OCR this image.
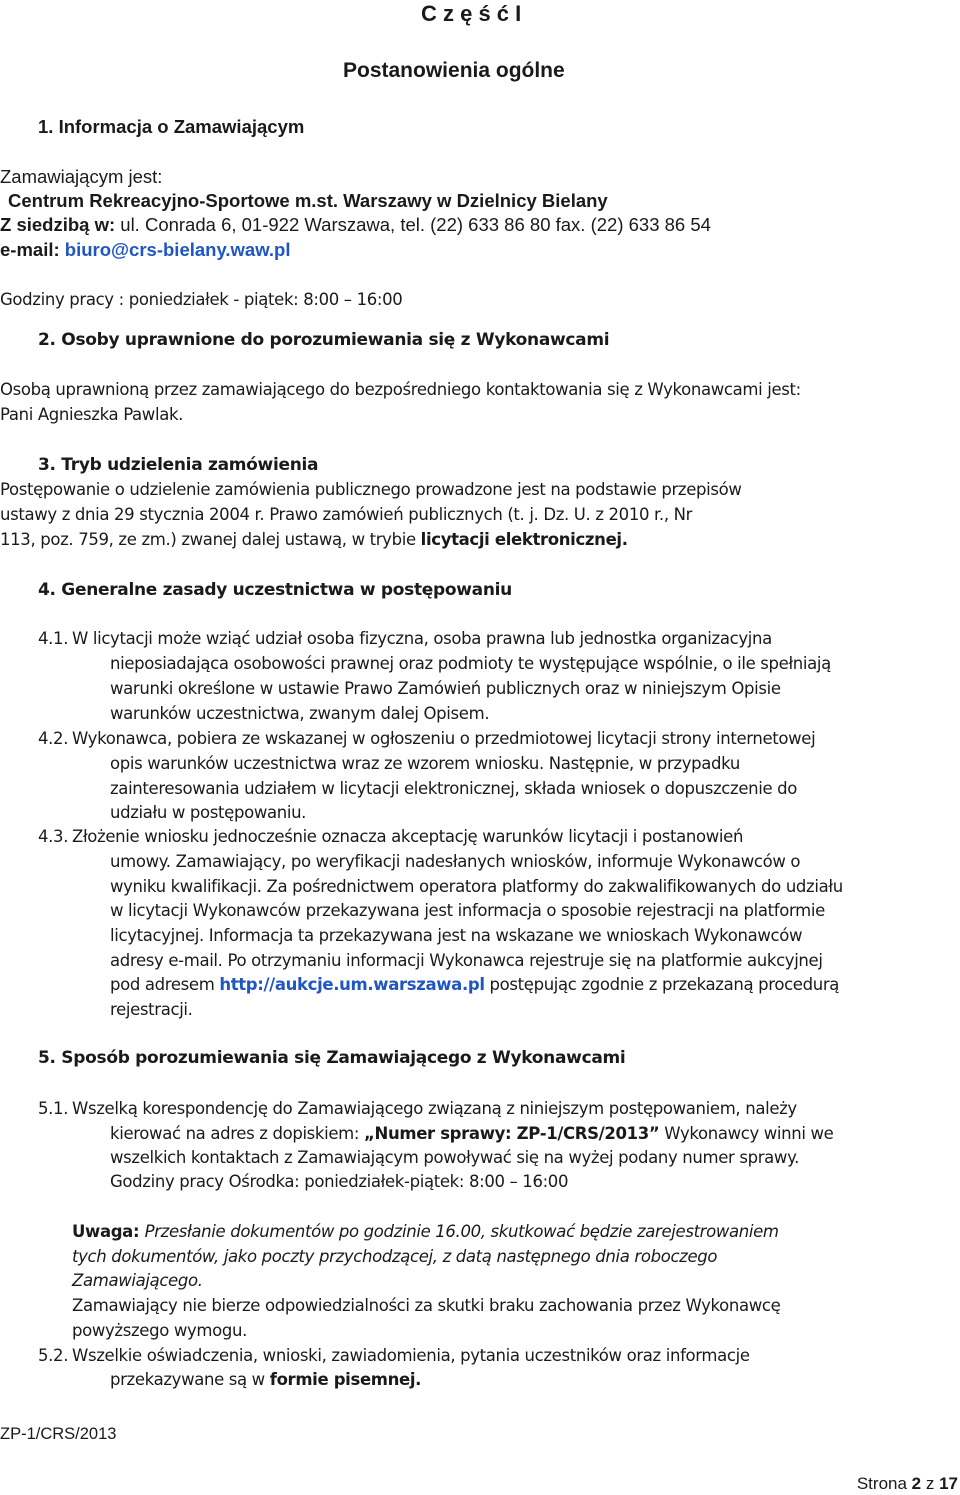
C z ę ś ć I
Postanowienia ogólne
1. Informacja o Zamawiającym
Zamawiającym jest:
Centrum Rekreacyjno-Sportowe m.st. Warszawy w Dzielnicy Bielany
Z siedzibą w: ul. Conrada 6, 01-922 Warszawa, tel. (22) 633 86 80 fax. (22) 633 86 54
e-mail: biuro@crs-bielany.waw.pl
Godziny pracy : poniedziałek - piątek: 8:00 – 16:00
2. Osoby uprawnione do porozumiewania się z Wykonawcami
Osobą uprawnioną przez zamawiającego do bezpośredniego kontaktowania się z Wykonawcami jest:
Pani Agnieszka Pawlak.
3. Tryb udzielenia zamówienia
Postępowanie o udzielenie zamówienia publicznego prowadzone jest na podstawie przepisów
ustawy z dnia 29 stycznia 2004 r. Prawo zamówień publicznych (t. j. Dz. U. z 2010 r., Nr
113, poz. 759, ze zm.) zwanej dalej ustawą, w trybie licytacji elektronicznej.
4. Generalne zasady uczestnictwa w postępowaniu
4.1. W licytacji może wziąć udział osoba fizyczna, osoba prawna lub jednostka organizacyjna
nieposiadająca osobowości prawnej oraz podmioty te występujące wspólnie, o ile spełniają
warunki określone w ustawie Prawo Zamówień publicznych oraz w niniejszym Opisie
warunków uczestnictwa, zwanym dalej Opisem.
4.2. Wykonawca, pobiera ze wskazanej w ogłoszeniu o przedmiotowej licytacji strony internetowej
opis warunków uczestnictwa wraz ze wzorem wniosku. Następnie, w przypadku
zainteresowania udziałem w licytacji elektronicznej, składa wniosek o dopuszczenie do
udziału w postępowaniu.
4.3. Złożenie wniosku jednocześnie oznacza akceptację warunków licytacji i postanowień
umowy. Zamawiający, po weryfikacji nadesłanych wniosków, informuje Wykonawców o
wyniku kwalifikacji. Za pośrednictwem operatora platformy do zakwalifikowanych do udziału
w licytacji Wykonawców przekazywana jest informacja o sposobie rejestracji na platformie
licytacyjnej. Informacja ta przekazywana jest na wskazane we wnioskach Wykonawców
adresy e-mail. Po otrzymaniu informacji Wykonawca rejestruje się na platformie aukcyjnej
pod adresem http://aukcje.um.warszawa.pl postępując zgodnie z przekazaną procedurą
rejestracji.
5. Sposób porozumiewania się Zamawiającego z Wykonawcami
5.1. Wszelką korespondencję do Zamawiającego związaną z niniejszym postępowaniem, należy
kierować na adres z dopiskiem: „Numer sprawy: ZP-1/CRS/2013” Wykonawcy winni we
wszelkich kontaktach z Zamawiającym powoływać się na wyżej podany numer sprawy.
Godziny pracy Ośrodka: poniedziałek-piątek: 8:00 – 16:00
Uwaga: Przesłanie dokumentów po godzinie 16.00, skutkować będzie zarejestrowaniem
tych dokumentów, jako poczty przychodzącej, z datą następnego dnia roboczego
Zamawiającego.
Zamawiający nie bierze odpowiedzialności za skutki braku zachowania przez Wykonawcę
powyższego wymogu.
5.2. Wszelkie oświadczenia, wnioski, zawiadomienia, pytania uczestników oraz informacje
przekazywane są w formie pisemnej.
ZP-1/CRS/2013
Strona 2 z 17
